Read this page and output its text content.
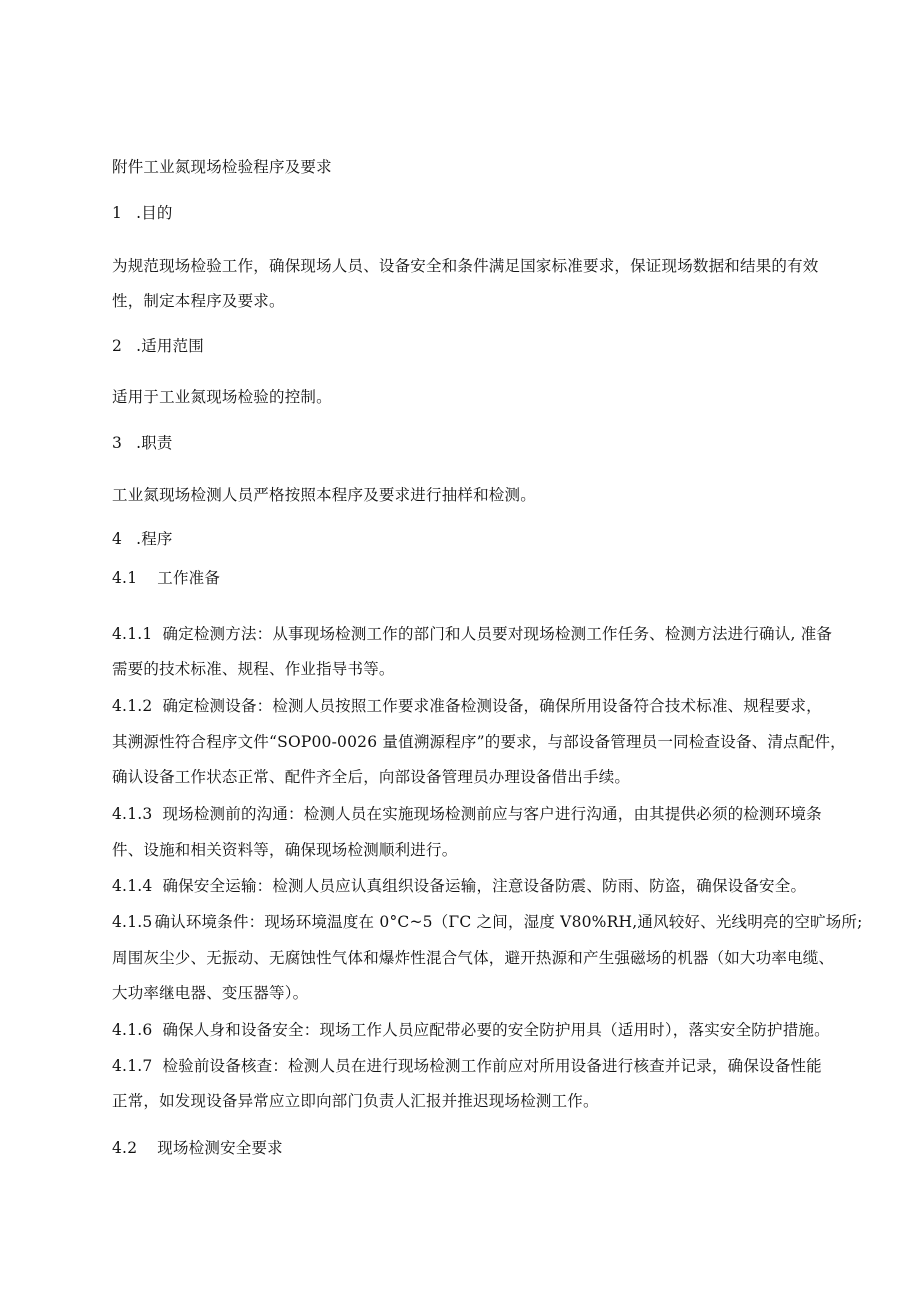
附件工业氮现场检验程序及要求
1 .目的
为规范现场检验工作，确保现场人员、设备安全和条件满足国家标准要求，保证现场数据和结果的有效
性，制定本程序及要求。
2 .适用范围
适用于工业氮现场检验的控制。
3 .职责
工业氮现场检测人员严格按照本程序及要求进行抽样和检测。
4 .程序
4.1 工作准备
4.1.1 确定检测方法：从事现场检测工作的部门和人员要对现场检测工作任务、检测方法进行确认, 准备
需要的技术标准、规程、作业指导书等。
4.1.2 确定检测设备：检测人员按照工作要求准备检测设备，确保所用设备符合技术标准、规程要求，
其溯源性符合程序文件“SOP00-0026 量值溯源程序”的要求，与部设备管理员一同检查设备、清点配件，
确认设备工作状态正常、配件齐全后，向部设备管理员办理设备借出手续。
4.1.3 现场检测前的沟通：检测人员在实施现场检测前应与客户进行沟通，由其提供必须的检测环境条
件、设施和相关资料等，确保现场检测顺利进行。
4.1.4 确保安全运输：检测人员应认真组织设备运输，注意设备防震、防雨、防盗，确保设备安全。
4.1.5 确认环境条件：现场环境温度在 0°C~5（ΓC 之间，湿度 V80%RH,通风较好、光线明亮的空旷场所;
周围灰尘少、无振动、无腐蚀性气体和爆炸性混合气体，避开热源和产生强磁场的机器（如大功率电缆、
大功率继电器、变压器等）。
4.1.6 确保人身和设备安全：现场工作人员应配带必要的安全防护用具（适用时），落实安全防护措施。
4.1.7 检验前设备核查：检测人员在进行现场检测工作前应对所用设备进行核查并记录，确保设备性能
正常，如发现设备异常应立即向部门负责人汇报并推迟现场检测工作。
4.2 现场检测安全要求
